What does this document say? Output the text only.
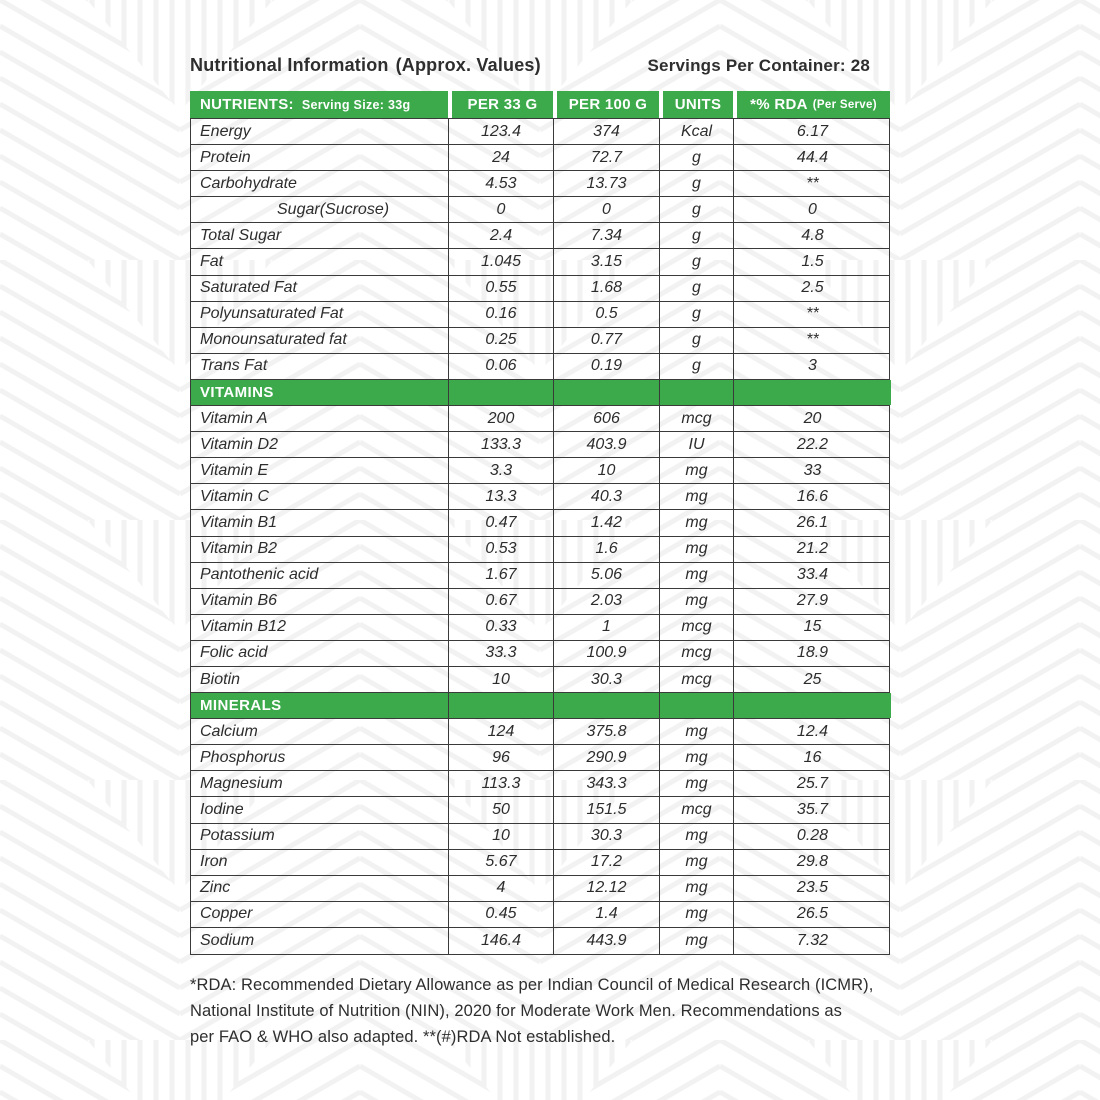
Nutritional Information (Approx. Values)	Servings Per Container: 28
NUTRIENTS: Serving Size: 33g	PER 33 G	PER 100 G	UNITS	*% RDA (Per Serve)
Energy	123.4	374	Kcal	6.17
Protein	24	72.7	g	44.4
Carbohydrate	4.53	13.73	g	**
Sugar(Sucrose)	0	0	g	0
Total Sugar	2.4	7.34	g	4.8
Fat	1.045	3.15	g	1.5
Saturated Fat	0.55	1.68	g	2.5
Polyunsaturated Fat	0.16	0.5	g	**
Monounsaturated fat	0.25	0.77	g	**
Trans Fat	0.06	0.19	g	3
VITAMINS
Vitamin A	200	606	mcg	20
Vitamin D2	133.3	403.9	IU	22.2
Vitamin E	3.3	10	mg	33
Vitamin C	13.3	40.3	mg	16.6
Vitamin B1	0.47	1.42	mg	26.1
Vitamin B2	0.53	1.6	mg	21.2
Pantothenic acid	1.67	5.06	mg	33.4
Vitamin B6	0.67	2.03	mg	27.9
Vitamin B12	0.33	1	mcg	15
Folic acid	33.3	100.9	mcg	18.9
Biotin	10	30.3	mcg	25
MINERALS
Calcium	124	375.8	mg	12.4
Phosphorus	96	290.9	mg	16
Magnesium	113.3	343.3	mg	25.7
Iodine	50	151.5	mcg	35.7
Potassium	10	30.3	mg	0.28
Iron	5.67	17.2	mg	29.8
Zinc	4	12.12	mg	23.5
Copper	0.45	1.4	mg	26.5
Sodium	146.4	443.9	mg	7.32
*RDA: Recommended Dietary Allowance as per Indian Council of Medical Research (ICMR),
National Institute of Nutrition (NIN), 2020 for Moderate Work Men. Recommendations as
per FAO & WHO also adapted. **(#)RDA Not established.
